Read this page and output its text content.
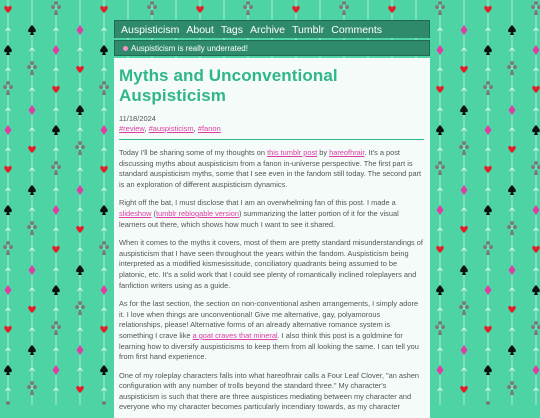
Auspisticism About Tags Archive Tumblr Comments
Auspisticism is really underrated!
Myths and Unconventional Auspisticism
11/18/2024
#review, #auspisticism, #fanon

Today I'll be sharing some of my thoughts on this tumblr post by hareofhrair. It's a post discussing myths about auspisticism from a fanon in-universe perspective. The first part is standard auspisticism myths, some that I see even in the fandom still today. The second part is an exploration of different auspisticism dynamics.

Right off the bat, I must disclose that I am an overwhelming fan of this post. I made a slideshow (tumblr reblogable version) summarizing the latter portion of it for the visual learners out there, which shows how much I want to see it shared.

When it comes to the myths it covers, most of them are pretty standard misunderstandings of auspisticism that I have seen throughout the years within the fandom. Auspisticism being interpreted as a modified kismesissitude, conciliatory quadrants being assumed to be platonic, etc. It's a solid work that I could see plenty of romantically inclined roleplayers and fanfiction writers using as a guide.

As for the last section, the section on non-conventional ashen arrangements, I simply adore it. I love when things are unconventional! Give me alternative, gay, polyamorous relationships, please! Alternative forms of an already alternative romance system is something I crave like a goat craves that mineral. I also think this post is a goldmine for learning how to diversify auspisticisms to keep them from all looking the same. I can tell you from first hand experience.

One of my roleplay characters falls into what hareofhrair calls a Four Leaf Clover, "an ashen configuration with any number of trolls beyond the standard three." My character's auspisticism is such that there are three auspistices mediating between my character and everyone who my character becomes particularly incendiary towards, as my character
